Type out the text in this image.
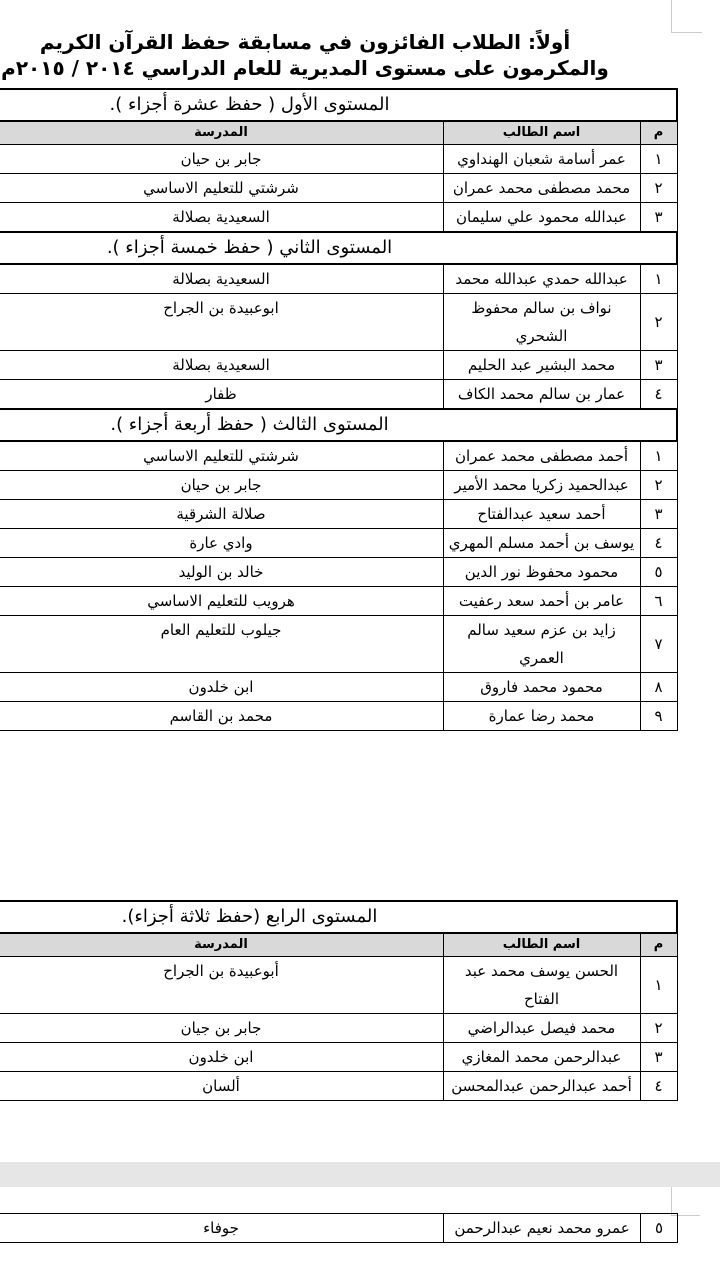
أولاً: الطلاب الفائزون في مسابقة حفظ القرآن الكريم
والمكرمون على مستوى المديرية للعام الدراسي ٢٠١٤ / ٢٠١٥م
المستوى الأول ( حفظ عشرة أجزاء ).		
م	اسم الطالب	المدرسة
١	عمر أسامة شعبان الهنداوي	جابر بن حيان
٢	محمد مصطفى محمد عمران	شرشتي للتعليم الاساسي
٣	عبدالله محمود علي سليمان	السعيدية بصلالة
المستوى الثاني ( حفظ خمسة أجزاء ).		
١	عبدالله حمدي عبدالله محمد	السعيدية بصلالة
٢	نواف بن سالم محفوظ الشحري	ابوعبيدة بن الجراح
٣	محمد البشير عبد الحليم	السعيدية بصلالة
٤	عمار بن سالم محمد الكاف	ظفار
المستوى الثالث ( حفظ أربعة أجزاء ).		
١	أحمد مصطفى محمد عمران	شرشتي للتعليم الاساسي
٢	عبدالحميد زكريا محمد الأمير	جابر بن حيان
٣	أحمد سعيد عبدالفتاح	صلالة الشرقية
٤	يوسف بن أحمد مسلم المهري	وادي عارة
٥	محمود محفوظ نور الدين	خالد بن الوليد
٦	عامر بن أحمد سعد رعفيت	هرويب للتعليم الاساسي
٧	زايد بن عزم سعيد سالم العمري	جيلوب للتعليم العام
٨	محمود محمد فاروق	ابن خلدون
٩	محمد رضا عمارة	محمد بن القاسم
المستوى الرابع (حفظ ثلاثة أجزاء).		
م	اسم الطالب	المدرسة
١	الحسن يوسف محمد عبد الفتاح	أبوعبيدة بن الجراح
٢	محمد فيصل عبدالراضي	جابر بن جيان
٣	عبدالرحمن محمد المغازي	ابن خلدون
٤	أحمد عبدالرحمن عبدالمحسن	ألسان
٥	عمرو محمد نعيم عبدالرحمن	جوفاء
